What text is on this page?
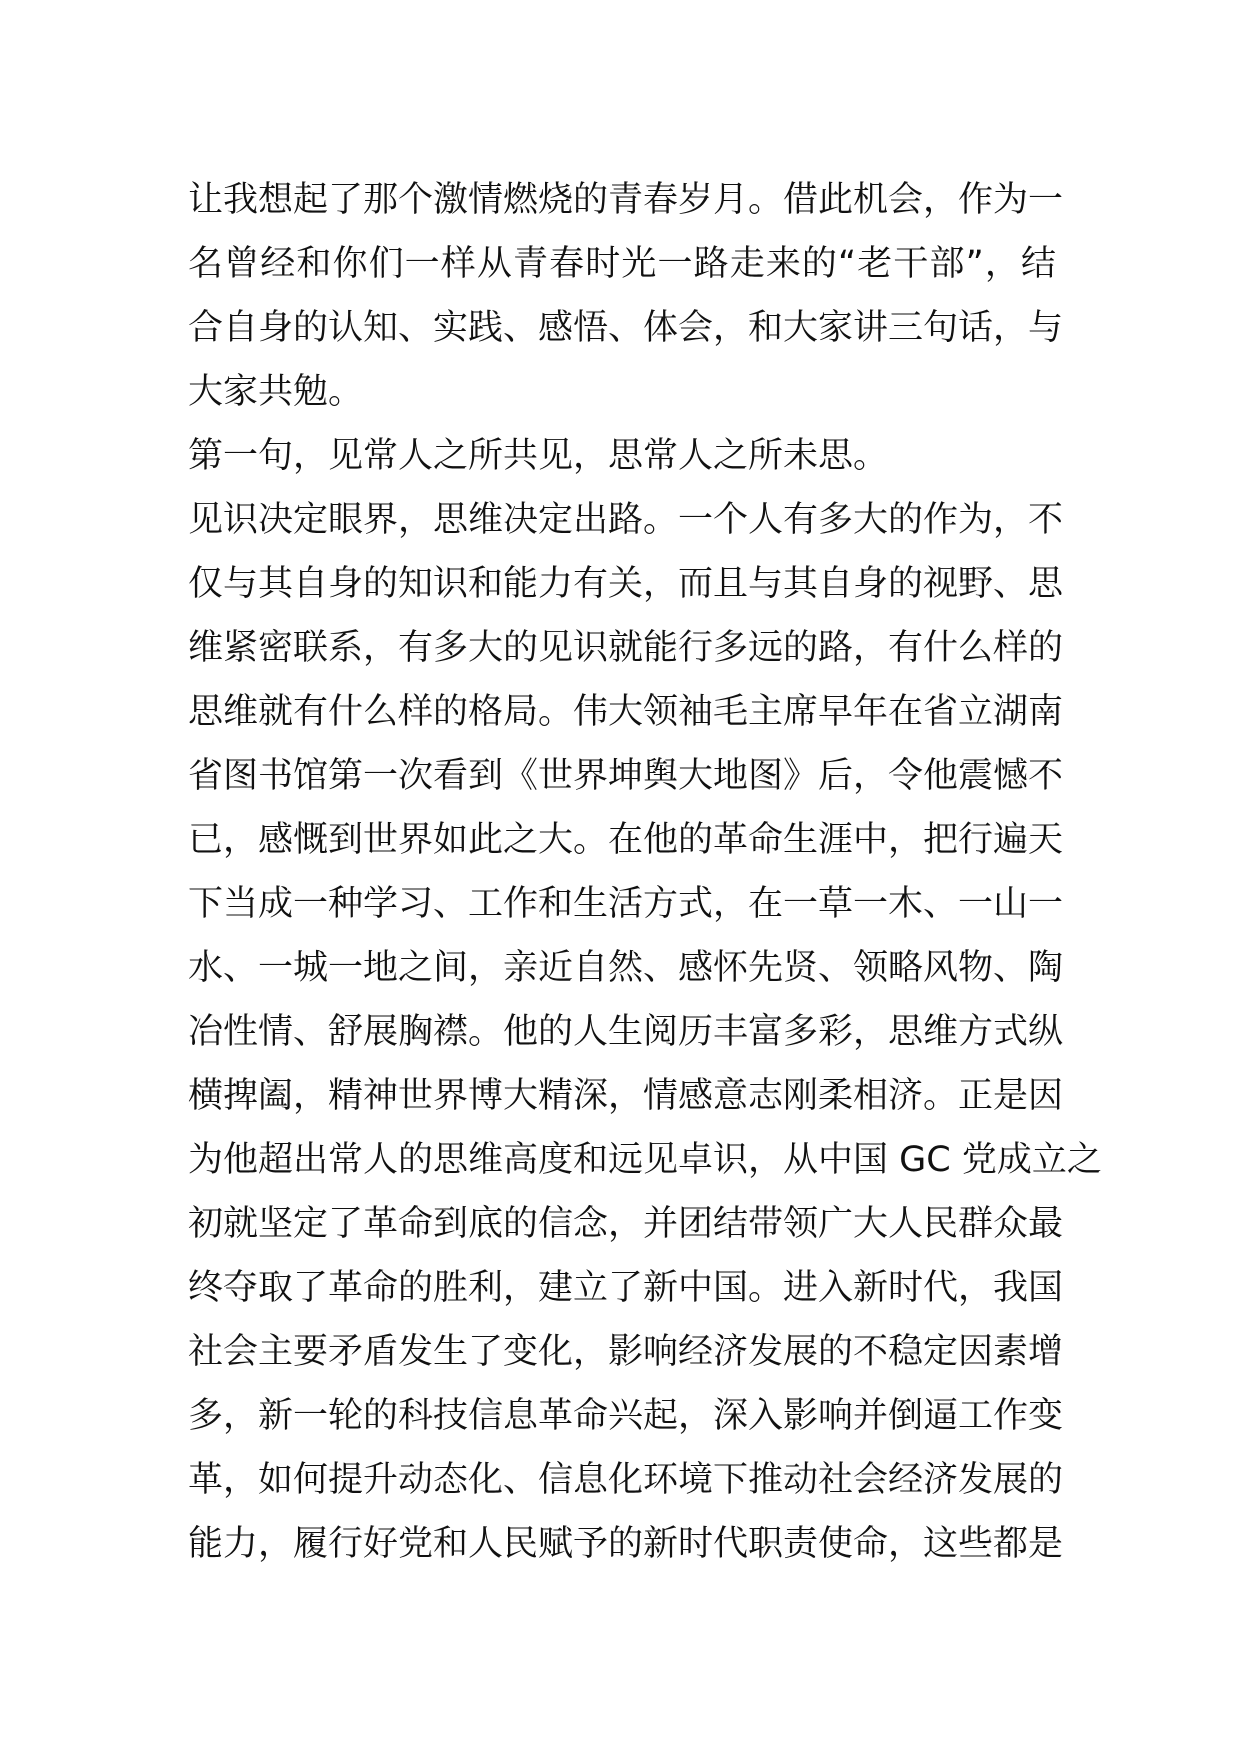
让我想起了那个激情燃烧的青春岁月。借此机会，作为一
名曾经和你们一样从青春时光一路走来的“老干部”，结
合自身的认知、实践、感悟、体会，和大家讲三句话，与
大家共勉。
第一句，见常人之所共见，思常人之所未思。
见识决定眼界，思维决定出路。一个人有多大的作为，不
仅与其自身的知识和能力有关，而且与其自身的视野、思
维紧密联系，有多大的见识就能行多远的路，有什么样的
思维就有什么样的格局。伟大领袖毛主席早年在省立湖南
省图书馆第一次看到《世界坤舆大地图》后，令他震憾不
已，感慨到世界如此之大。在他的革命生涯中，把行遍天
下当成一种学习、工作和生活方式，在一草一木、一山一
水、一城一地之间，亲近自然、感怀先贤、领略风物、陶
冶性情、舒展胸襟。他的人生阅历丰富多彩，思维方式纵
横捭阖，精神世界博大精深，情感意志刚柔相济。正是因
为他超出常人的思维高度和远见卓识，从中国 GC 党成立之
初就坚定了革命到底的信念，并团结带领广大人民群众最
终夺取了革命的胜利，建立了新中国。进入新时代，我国
社会主要矛盾发生了变化，影响经济发展的不稳定因素增
多，新一轮的科技信息革命兴起，深入影响并倒逼工作变
革，如何提升动态化、信息化环境下推动社会经济发展的
能力，履行好党和人民赋予的新时代职责使命，这些都是
